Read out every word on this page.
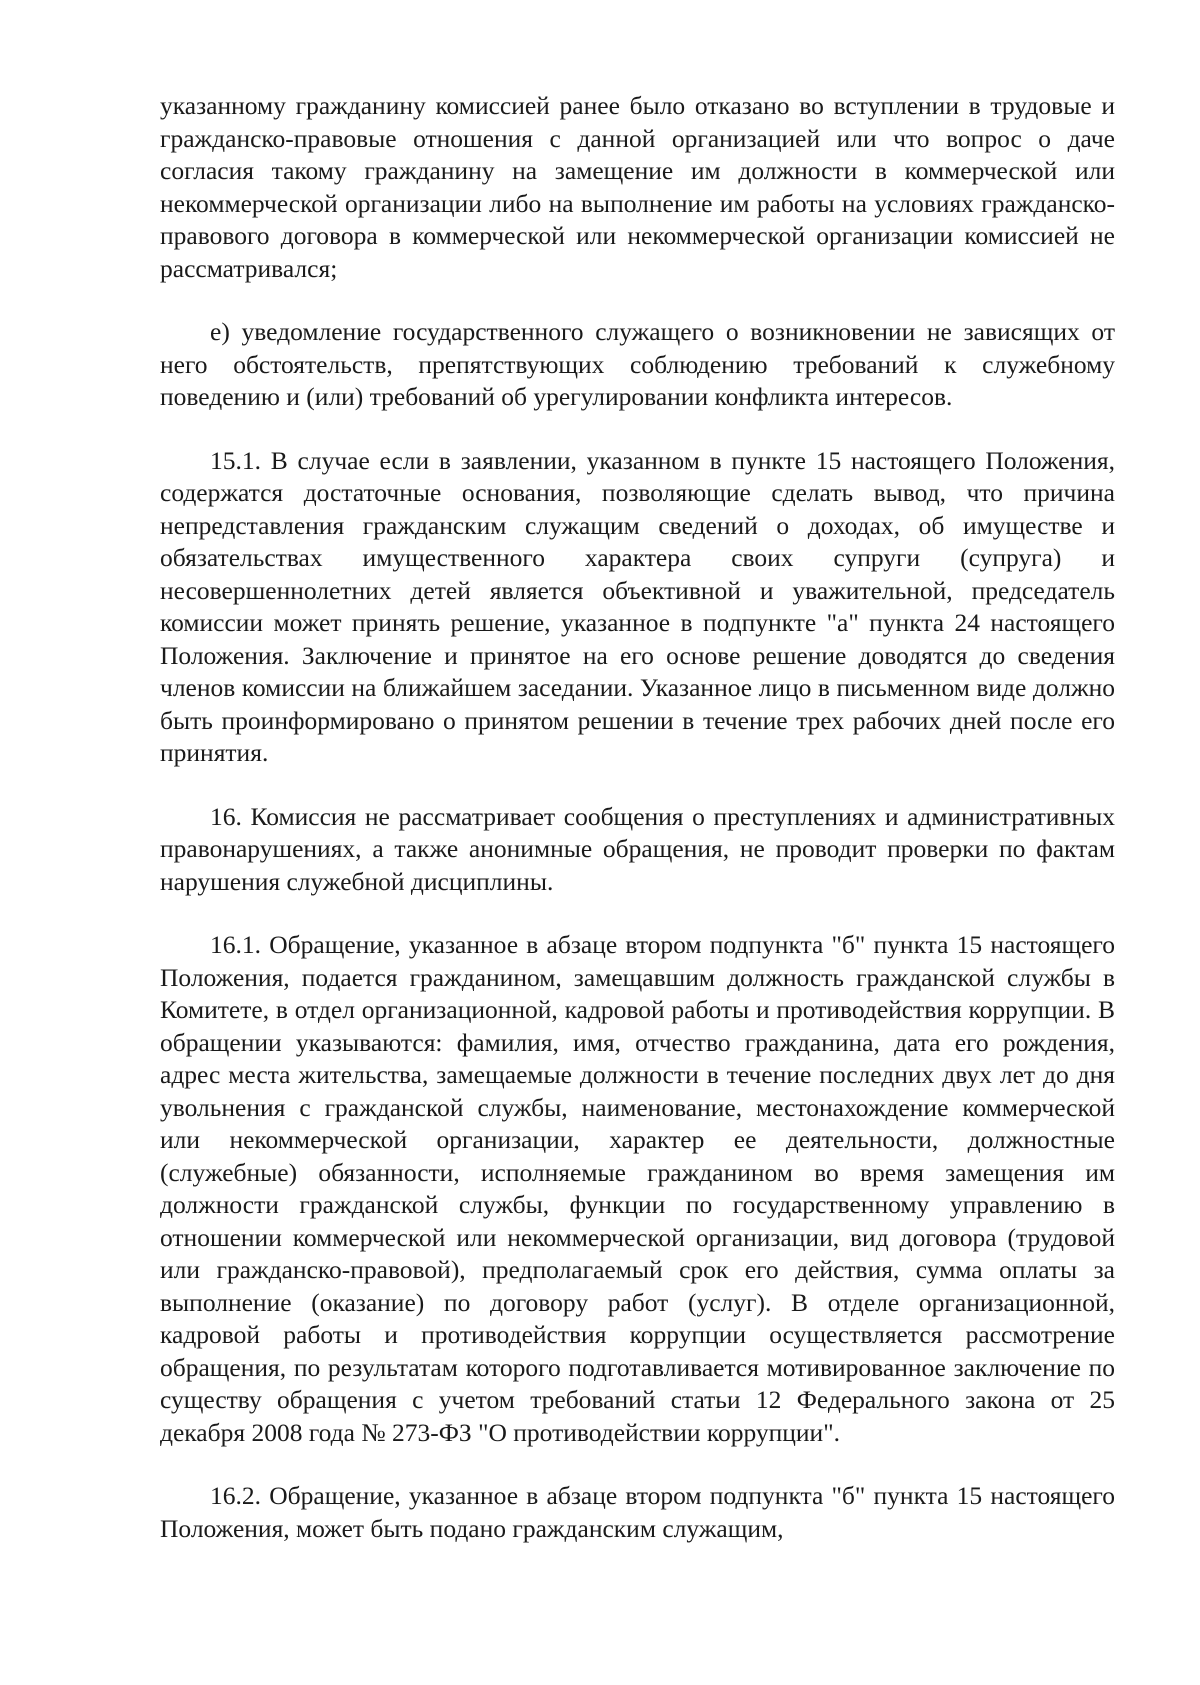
указанному гражданину комиссией ранее было отказано во вступлении в трудовые и гражданско-правовые отношения с данной организацией или что вопрос о даче согласия такому гражданину на замещение им должности в коммерческой или некоммерческой организации либо на выполнение им работы на условиях гражданско-правового договора в коммерческой или некоммерческой организации комиссией не рассматривался;

е) уведомление государственного служащего о возникновении не зависящих от него обстоятельств, препятствующих соблюдению требований к служебному поведению и (или) требований об урегулировании конфликта интересов.

15.1. В случае если в заявлении, указанном в пункте 15 настоящего Положения, содержатся достаточные основания, позволяющие сделать вывод, что причина непредставления гражданским служащим сведений о доходах, об имуществе и обязательствах имущественного характера своих супруги (супруга) и несовершеннолетних детей является объективной и уважительной, председатель комиссии может принять решение, указанное в подпункте "а" пункта 24 настоящего Положения. Заключение и принятое на его основе решение доводятся до сведения членов комиссии на ближайшем заседании. Указанное лицо в письменном виде должно быть проинформировано о принятом решении в течение трех рабочих дней после его принятия.

16. Комиссия не рассматривает сообщения о преступлениях и административных правонарушениях, а также анонимные обращения, не проводит проверки по фактам нарушения служебной дисциплины.

16.1. Обращение, указанное в абзаце втором подпункта "б" пункта 15 настоящего Положения, подается гражданином, замещавшим должность гражданской службы в Комитете, в отдел организационной, кадровой работы и противодействия коррупции. В обращении указываются: фамилия, имя, отчество гражданина, дата его рождения, адрес места жительства, замещаемые должности в течение последних двух лет до дня увольнения с гражданской службы, наименование, местонахождение коммерческой или некоммерческой организации, характер ее деятельности, должностные (служебные) обязанности, исполняемые гражданином во время замещения им должности гражданской службы, функции по государственному управлению в отношении коммерческой или некоммерческой организации, вид договора (трудовой или гражданско-правовой), предполагаемый срок его действия, сумма оплаты за выполнение (оказание) по договору работ (услуг). В отделе организационной, кадровой работы и противодействия коррупции осуществляется рассмотрение обращения, по результатам которого подготавливается мотивированное заключение по существу обращения с учетом требований статьи 12 Федерального закона от 25 декабря 2008 года № 273-ФЗ "О противодействии коррупции".

16.2. Обращение, указанное в абзаце втором подпункта "б" пункта 15 настоящего Положения, может быть подано гражданским служащим,
